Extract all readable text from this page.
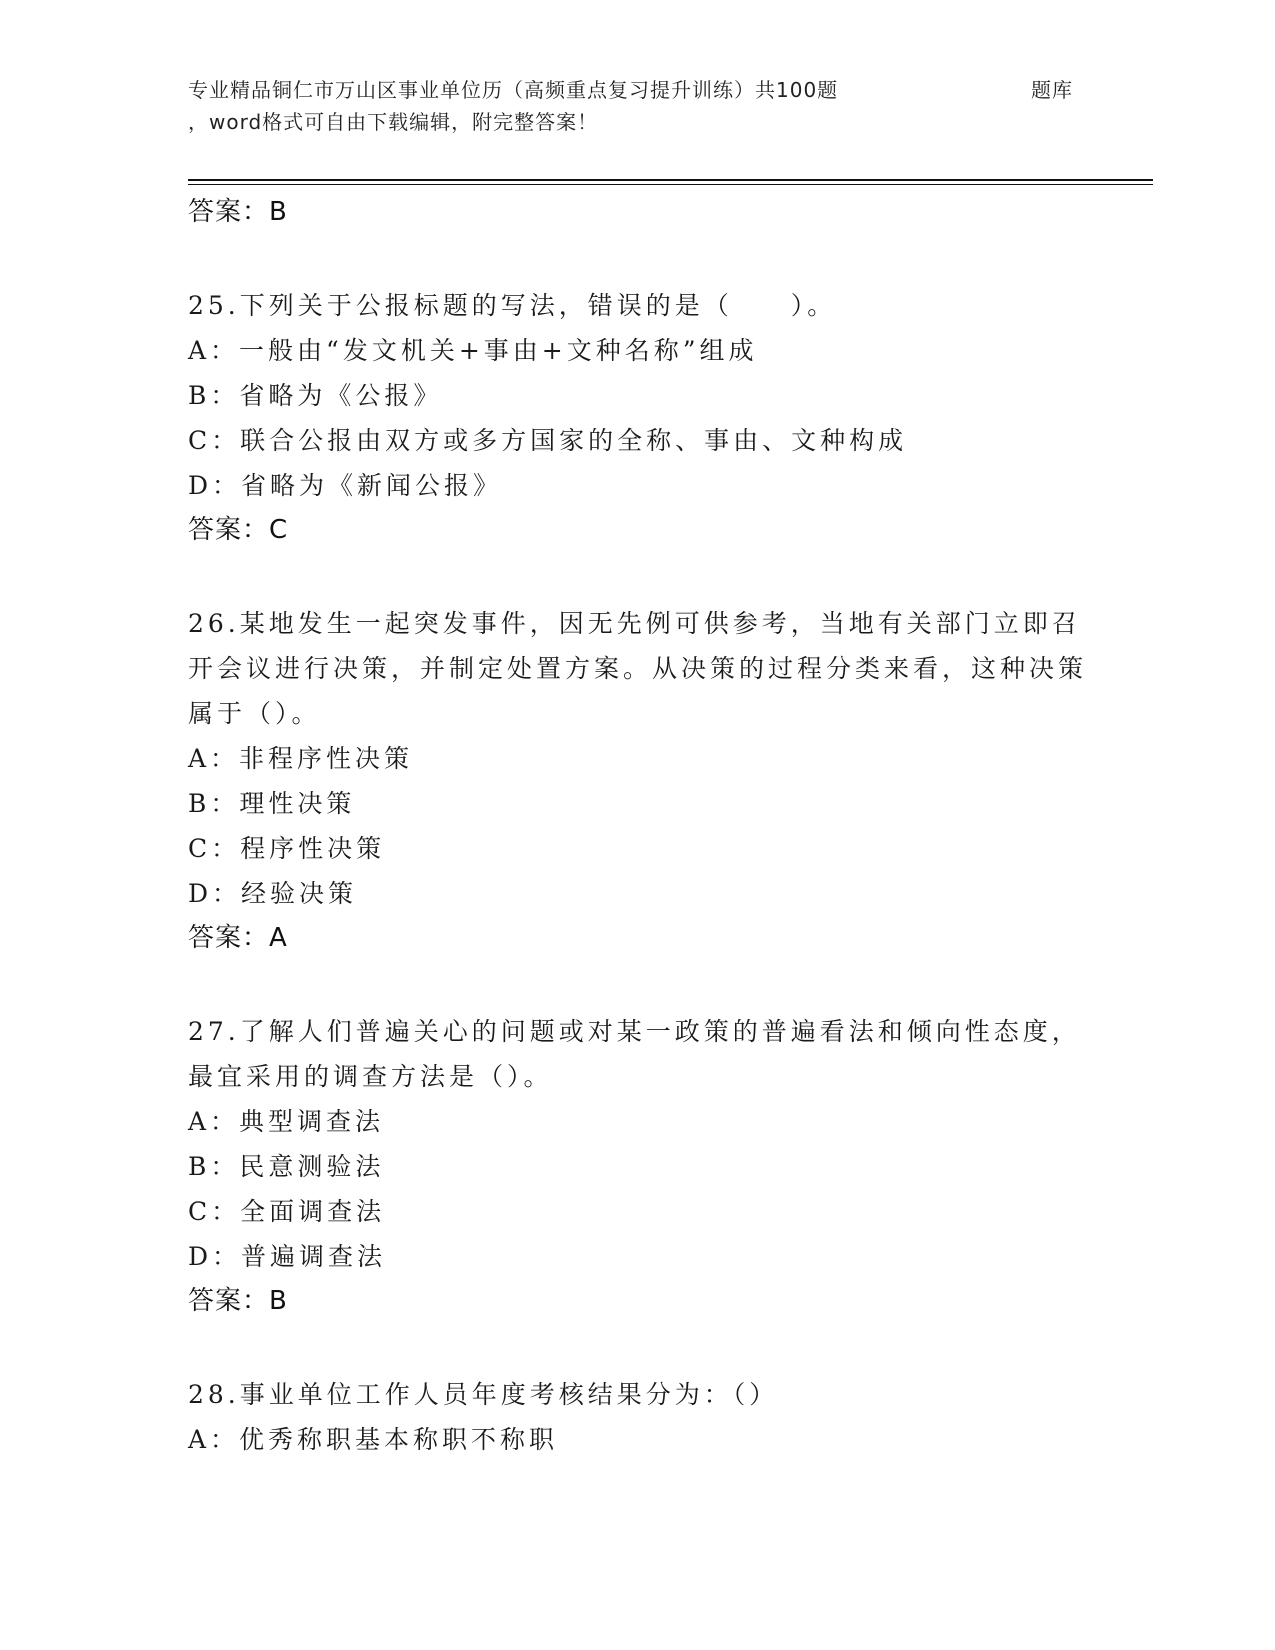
专业精品铜仁市万山区事业单位历（高频重点复习提升训练）共100题	题库
，word格式可自由下载编辑，附完整答案！
答案：B
25.下列关于公报标题的写法，错误的是（　　）。
A：一般由“发文机关+事由+文种名称”组成
B：省略为《公报》
C：联合公报由双方或多方国家的全称、事由、文种构成
D：省略为《新闻公报》
答案：C
26.某地发生一起突发事件，因无先例可供参考，当地有关部门立即召开会议进行决策，并制定处置方案。从决策的过程分类来看，这种决策属于（）。
A：非程序性决策
B：理性决策
C：程序性决策
D：经验决策
答案：A
27.了解人们普遍关心的问题或对某一政策的普遍看法和倾向性态度，最宜采用的调查方法是（）。
A：典型调查法
B：民意测验法
C：全面调查法
D：普遍调查法
答案：B
28.事业单位工作人员年度考核结果分为：（）
A：优秀称职基本称职不称职
